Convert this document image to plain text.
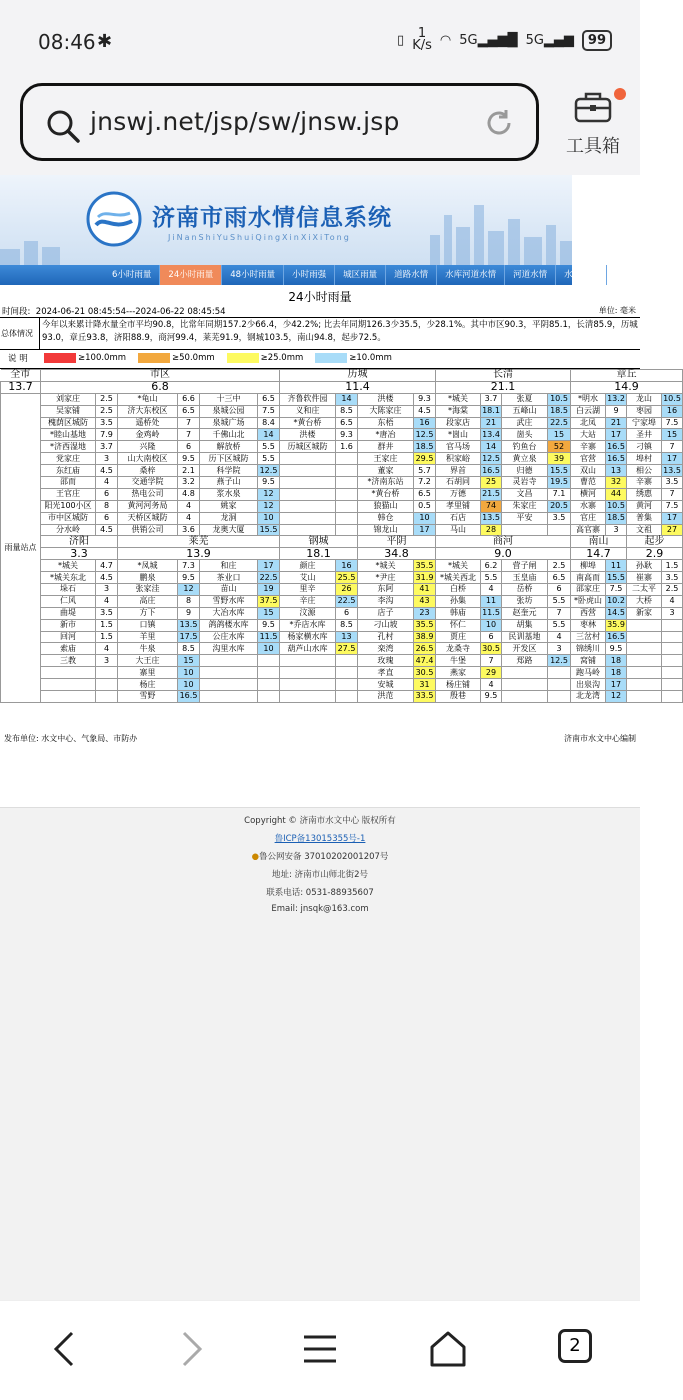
08:46 ✱	▯	1
K/s ◠ 5G▂▄▆█ 5G▂▄▆	99
jnswj.net/jsp/sw/jnsw.jsp
工具箱
济南市雨水情信息系统
JiNanShiYuShuiQingXinXiXiTong
6小时雨量	24小时雨量	48小时雨量	小时雨强	城区雨量	道路水情	水库河道水情	河道水情	水库水情
24小时雨量
时间段: 2024-06-21 08:45:54---2024-06-22 08:45:54	单位: 毫米
总体情况
今年以来累计降水量全市平均90.8，比常年同期157.2少66.4，少42.2%; 比去年同期126.3少35.5，少28.1%。其中市区90.3，平阴85.1，长清85.9，历城93.0，章丘93.8，济阳88.9，商河99.4，莱芜91.9，钢城103.5，南山94.8，起步72.5。
说 明	≥100.0mm	≥50.0mm	≥25.0mm	≥10.0mm
全市	市区						历城				长清				章丘			
13.7	6.8						11.4				21.1				14.9			
雨量站点	刘家庄	2.5	*龟山	6.6	十三中	6.5	齐鲁软件园	14	洪楼	9.3	*城关	3.7	张夏	10.5	*明水	13.2	龙山	10.5
	吴家铺	2.5	济大东校区	6.5	泉城公园	7.5	义和庄	8.5	大陈家庄	4.5	*海棠	18.1	五峰山	18.5	白云湖	9	枣园	16
	槐荫区城防	3.5	遥桥处	7	泉城广场	8.4	*黄台桥	6.5	东梧	16	段家店	21	武庄	22.5	北凤	21	宁家埠	7.5
	*睦山基地	7.9	金鸡岭	7	千佛山北	14	洪楼	9.3	*唐冶	12.5	*崮山	13.4	崮头	15	大站	17	圣井	15
	*济西湿地	3.7	兴隆	6	解放桥	5.5	历城区城防	1.6	群井	18.5	官马场	14	钓鱼台	52	辛寨	16.5	刁镇	7
	党家庄	3	山大南校区	9.5	历下区城防	5.5			王家庄	29.5	积家峪	12.5	黄立泉	39	官营	16.5	埠村	17
	东红庙	4.5	桑梓	2.1	科学院	12.5			董家	5.7	界首	16.5	归德	15.5	双山	13	相公	13.5
	邵而	4	交通学院	3.2	燕子山	9.5			*济南东站	7.2	石胡同	25	灵岩寺	19.5	曹范	32	辛寨	3.5
	王官庄	6	热电公司	4.8	浆水泉	12			*黄台桥	6.5	万德	21.5	文昌	7.1	横河	44	绣惠	7
	阳光100小区	8	黄河河务局	4	姚家	12			狼猫山	0.5	孝里铺	74	朱家庄	20.5	水寨	10.5	黄河	7.5
	市中区城防	6	天桥区城防	4	龙洞	10			韩仓	10	石店	13.5	平安	3.5	官庄	18.5	普集	17
	分水岭	4.5	供销公司	3.6	龙奥大厦	15.5			锦龙山	17	马山	28			高官寨	3	文祖	27
	济阳		莱芜				钢城		平阴		商河				南山		起步	
	3.3		13.9				18.1		34.8		9.0				14.7		2.9	
	*城关	4.7	*凤城	7.3	和庄	17	颜庄	16	*城关	35.5	*城关	6.2	营子闸	2.5	柳埠	11	孙耿	1.5
	*城关东北	4.5	鹏泉	9.5	茶业口	22.5	艾山	25.5	*尹庄	31.9	*城关西北	5.5	玉皇庙	6.5	南高而	15.5	崔寨	3.5
	垛石	3	张家洼	12	苗山	19	里辛	26	东阿	41	白桥	4	岳桥	6	邵家庄	7.5	二太平	2.5
	仁风	4	高庄	8	雪野水库	37.5	辛庄	22.5	李沟	43	孙集	11	张坊	5.5	*卧虎山	10.2	大桥	4
	曲堤	3.5	方下	9	大冶水库	15	汶源	6	店子	23	韩庙	11.5	赵奎元	7	西营	14.5	新家	3
	新市	1.5	口镇	13.5	鸽鸽楼水库	9.5	*乔店水库	8.5	刁山坡	35.5	怀仁	10	胡集	5.5	枣林	35.9		
	回河	1.5	羊里	17.5	公庄水库	11.5	杨家横水库	13	孔村	38.9	贾庄	6	民训基地	4	三岔村	16.5		
	索庙	4	牛泉	8.5	沟里水库	10	葫芦山水库	27.5	栾湾	26.5	龙桑寺	30.5	开发区	3	锦绣川	9.5		
	三教	3	大王庄	15					玫瑰	47.4	牛堡	7	郑路	12.5	窝铺	18		
			寨里	10					孝直	30.5	燕家	29			跑马岭	18		
			杨庄	10					安城	31	杨庄铺	4			出泉沟	17		
			雪野	16.5					洪范	33.5	殷巷	9.5			北龙湾	12		
发布单位: 水文中心、气象局、市防办	济南市水文中心编制
Copyright © 济南市水文中心 版权所有
鲁ICP备13015355号-1
●鲁公网安备 37010202001207号
地址: 济南市山师北街2号
联系电话: 0531-88935607
Email: jnsqk@163.com
2
